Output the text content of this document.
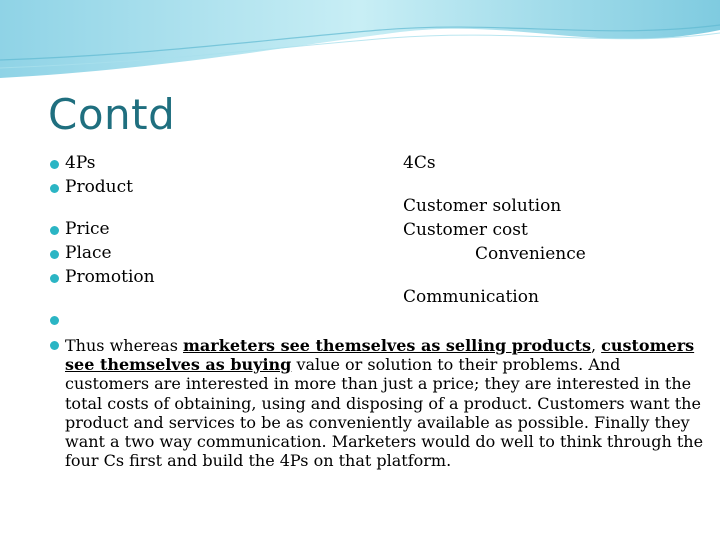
Contd
4Ps
Product
Price
Place
Promotion
4Cs
Customer solution
Customer cost
Convenience
Communication
Thus whereas marketers see themselves as selling products, customers see themselves as buying value or solution to their problems. And customers are interested in more than just a price; they are interested in the total costs of obtaining, using and disposing of a product. Customers want the product and services to be as conveniently available as possible. Finally they want a two way communication. Marketers would do well to think through the four Cs first and build the 4Ps on that platform.
